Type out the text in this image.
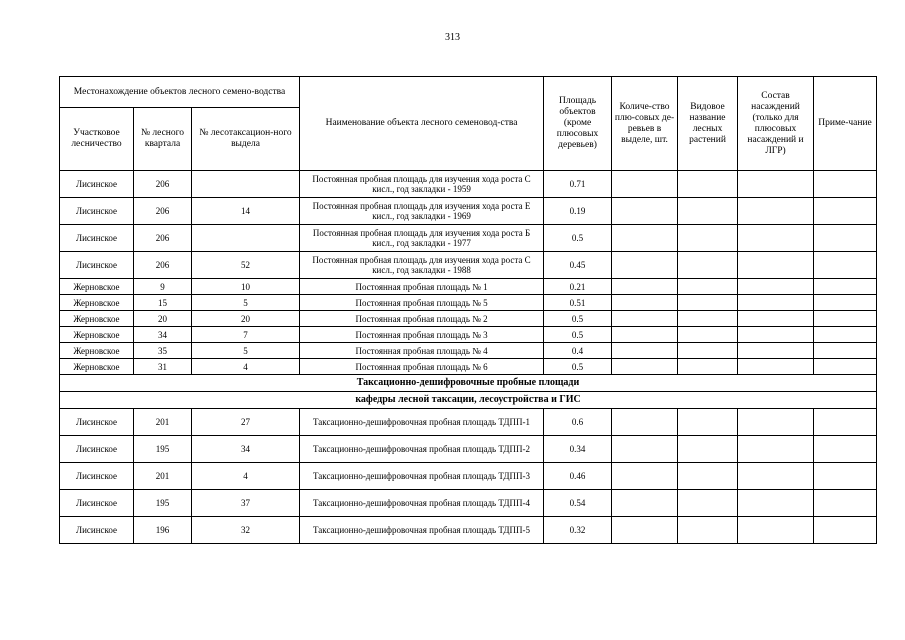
313
Местонахождение объектов лесного семено-водства			Наименование объекта лесного семеновод-ства	Площадь объектов (кроме плюсовых деревьев)	Количе-ство плю-совых де-ревьев в выделе, шт.	Видовое название лесных растений	Состав насаждений (только для плюсовых насаждений и ЛГР)	Приме-чание
Участковое лесничество	№ лесного квартала	№ лесотаксацион-ного выдела						
Лисинское	206		Постоянная пробная площадь для изучения хода роста С кисл., год закладки - 1959	0.71				
Лисинское	206	14	Постоянная пробная площадь для изучения хода роста Е кисл., год закладки - 1969	0.19				
Лисинское	206		Постоянная пробная площадь для изучения хода роста Б кисл., год закладки - 1977	0.5				
Лисинское	206	52	Постоянная пробная площадь для изучения хода роста С кисл., год закладки - 1988	0.45				
Жерновское	9	10	Постоянная пробная площадь № 1	0.21				
Жерновское	15	5	Постоянная пробная площадь № 5	0.51				
Жерновское	20	20	Постоянная пробная площадь № 2	0.5				
Жерновское	34	7	Постоянная пробная площадь № 3	0.5				
Жерновское	35	5	Постоянная пробная площадь № 4	0.4				
Жерновское	31	4	Постоянная пробная площадь № 6	0.5				
Таксационно-дешифровочные пробные площади								
кафедры лесной таксации, лесоустройства и ГИС								
Лисинское	201	27	Таксационно-дешифровочная пробная площадь ТДПП-1	0.6				
Лисинское	195	34	Таксационно-дешифровочная пробная площадь ТДПП-2	0.34				
Лисинское	201	4	Таксационно-дешифровочная пробная площадь ТДПП-3	0.46				
Лисинское	195	37	Таксационно-дешифровочная пробная площадь ТДПП-4	0.54				
Лисинское	196	32	Таксационно-дешифровочная пробная площадь ТДПП-5	0.32				
